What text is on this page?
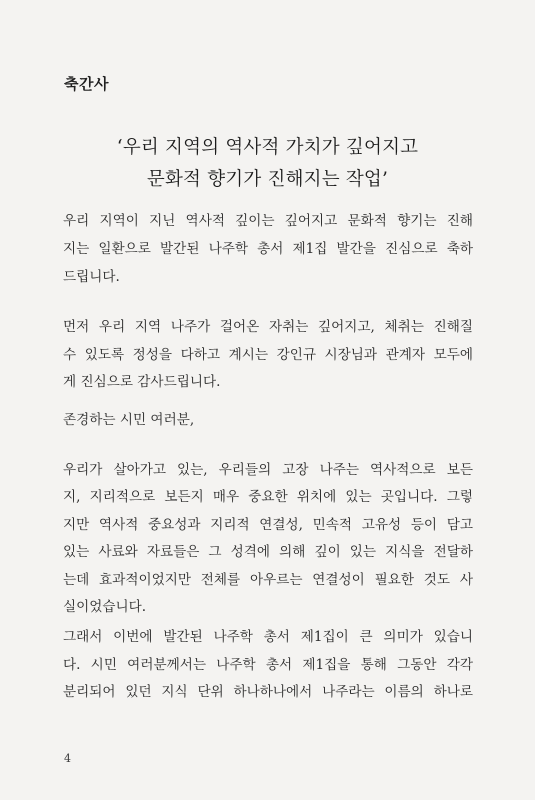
축간사
‘우리 지역의 역사적 가치가 깊어지고
문화적 향기가 진해지는 작업’
우리 지역이 지닌 역사적 깊이는 깊어지고 문화적 향기는 진해
지는 일환으로 발간된 나주학 총서 제1집 발간을 진심으로 축하
드립니다.
먼저 우리 지역 나주가 걸어온 자취는 깊어지고, 체취는 진해질
수 있도록 정성을 다하고 계시는 강인규 시장님과 관계자 모두에
게 진심으로 감사드립니다.
존경하는 시민 여러분,
우리가 살아가고 있는, 우리들의 고장 나주는 역사적으로 보든
지, 지리적으로 보든지 매우 중요한 위치에 있는 곳입니다. 그렇
지만 역사적 중요성과 지리적 연결성, 민속적 고유성 등이 담고
있는 사료와 자료들은 그 성격에 의해 깊이 있는 지식을 전달하
는데 효과적이었지만 전체를 아우르는 연결성이 필요한 것도 사
실이었습니다.
그래서 이번에 발간된 나주학 총서 제1집이 큰 의미가 있습니
다. 시민 여러분께서는 나주학 총서 제1집을 통해 그동안 각각
분리되어 있던 지식 단위 하나하나에서 나주라는 이름의 하나로
4
